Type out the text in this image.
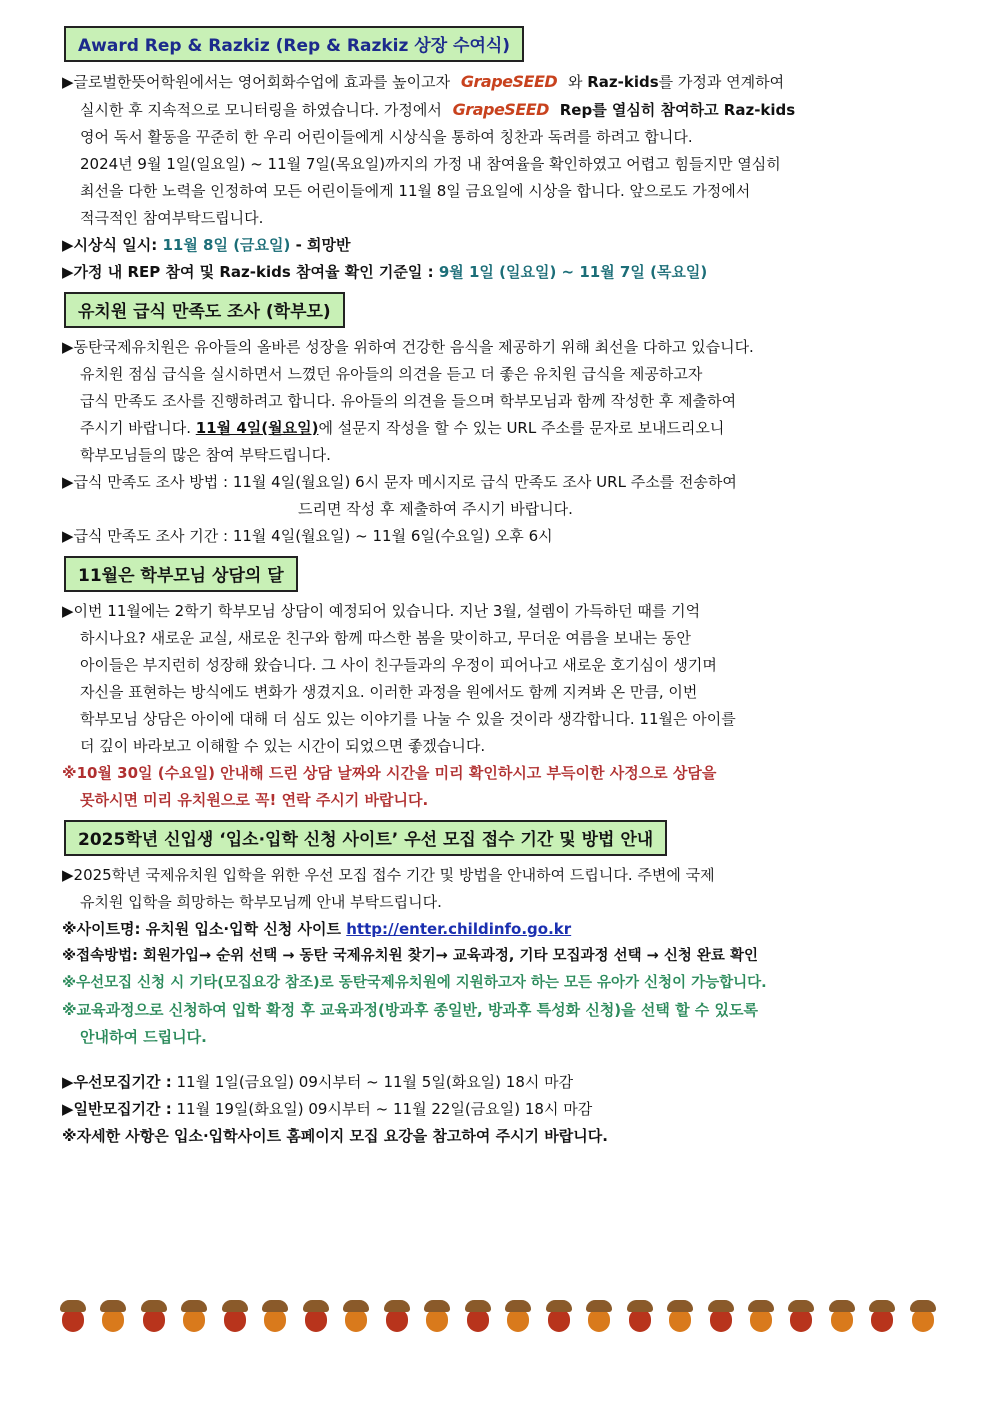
Award Rep & Razkiz (Rep & Razkiz 상장 수여식)

▶글로벌한뜻어학원에서는 영어회화수업에 효과를 높이고자 GrapeSEED 와 Raz-kids를 가정과 연계하여

실시한 후 지속적으로 모니터링을 하였습니다. 가정에서 GrapeSEED Rep를 열심히 참여하고 Raz-kids

영어 독서 활동을 꾸준히 한 우리 어린이들에게 시상식을 통하여 칭찬과 독려를 하려고 합니다.

2024년 9월 1일(일요일) ~ 11월 7일(목요일)까지의 가정 내 참여율을 확인하였고 어렵고 힘들지만 열심히

최선을 다한 노력을 인정하여 모든 어린이들에게 11월 8일 금요일에 시상을 합니다. 앞으로도 가정에서

적극적인 참여부탁드립니다.

▶시상식 일시: 11월 8일 (금요일) - 희망반

▶가정 내 REP 참여 및 Raz-kids 참여율 확인 기준일 : 9월 1일 (일요일) ~ 11월 7일 (목요일)

유치원 급식 만족도 조사 (학부모)

▶동탄국제유치원은 유아들의 올바른 성장을 위하여 건강한 음식을 제공하기 위해 최선을 다하고 있습니다.

유치원 점심 급식을 실시하면서 느꼈던 유아들의 의견을 듣고 더 좋은 유치원 급식을 제공하고자

급식 만족도 조사를 진행하려고 합니다. 유아들의 의견을 들으며 학부모님과 함께 작성한 후 제출하여

주시기 바랍니다. 11월 4일(월요일)에 설문지 작성을 할 수 있는 URL 주소를 문자로 보내드리오니

학부모님들의 많은 참여 부탁드립니다.

▶급식 만족도 조사 방법 : 11월 4일(월요일) 6시 문자 메시지로 급식 만족도 조사 URL 주소를 전송하여

드리면 작성 후 제출하여 주시기 바랍니다.

▶급식 만족도 조사 기간 : 11월 4일(월요일) ~ 11월 6일(수요일) 오후 6시

11월은 학부모님 상담의 달

▶이번 11월에는 2학기 학부모님 상담이 예정되어 있습니다. 지난 3월, 설렘이 가득하던 때를 기억

하시나요? 새로운 교실, 새로운 친구와 함께 따스한 봄을 맞이하고, 무더운 여름을 보내는 동안

아이들은 부지런히 성장해 왔습니다. 그 사이 친구들과의 우정이 피어나고 새로운 호기심이 생기며

자신을 표현하는 방식에도 변화가 생겼지요. 이러한 과정을 원에서도 함께 지켜봐 온 만큼, 이번

학부모님 상담은 아이에 대해 더 심도 있는 이야기를 나눌 수 있을 것이라 생각합니다. 11월은 아이를

더 깊이 바라보고 이해할 수 있는 시간이 되었으면 좋겠습니다.

※10월 30일 (수요일) 안내해 드린 상담 날짜와 시간을 미리 확인하시고 부득이한 사정으로 상담을

못하시면 미리 유치원으로 꼭! 연락 주시기 바랍니다.

2025학년 신입생 ‘입소·입학 신청 사이트’ 우선 모집 접수 기간 및 방법 안내

▶2025학년 국제유치원 입학을 위한 우선 모집 접수 기간 및 방법을 안내하여 드립니다. 주변에 국제

유치원 입학을 희망하는 학부모님께 안내 부탁드립니다.

※사이트명: 유치원 입소·입학 신청 사이트 http://enter.childinfo.go.kr

※접속방법: 회원가입→ 순위 선택 → 동탄 국제유치원 찾기→ 교육과정, 기타 모집과정 선택 → 신청 완료 확인

※우선모집 신청 시 기타(모집요강 참조)로 동탄국제유치원에 지원하고자 하는 모든 유아가 신청이 가능합니다.

※교육과정으로 신청하여 입학 확정 후 교육과정(방과후 종일반, 방과후 특성화 신청)을 선택 할 수 있도록

안내하여 드립니다.

▶우선모집기간 : 11월 1일(금요일) 09시부터 ~ 11월 5일(화요일) 18시 마감

▶일반모집기간 : 11월 19일(화요일) 09시부터 ~ 11월 22일(금요일) 18시 마감

※자세한 사항은 입소·입학사이트 홈페이지 모집 요강을 참고하여 주시기 바랍니다.
